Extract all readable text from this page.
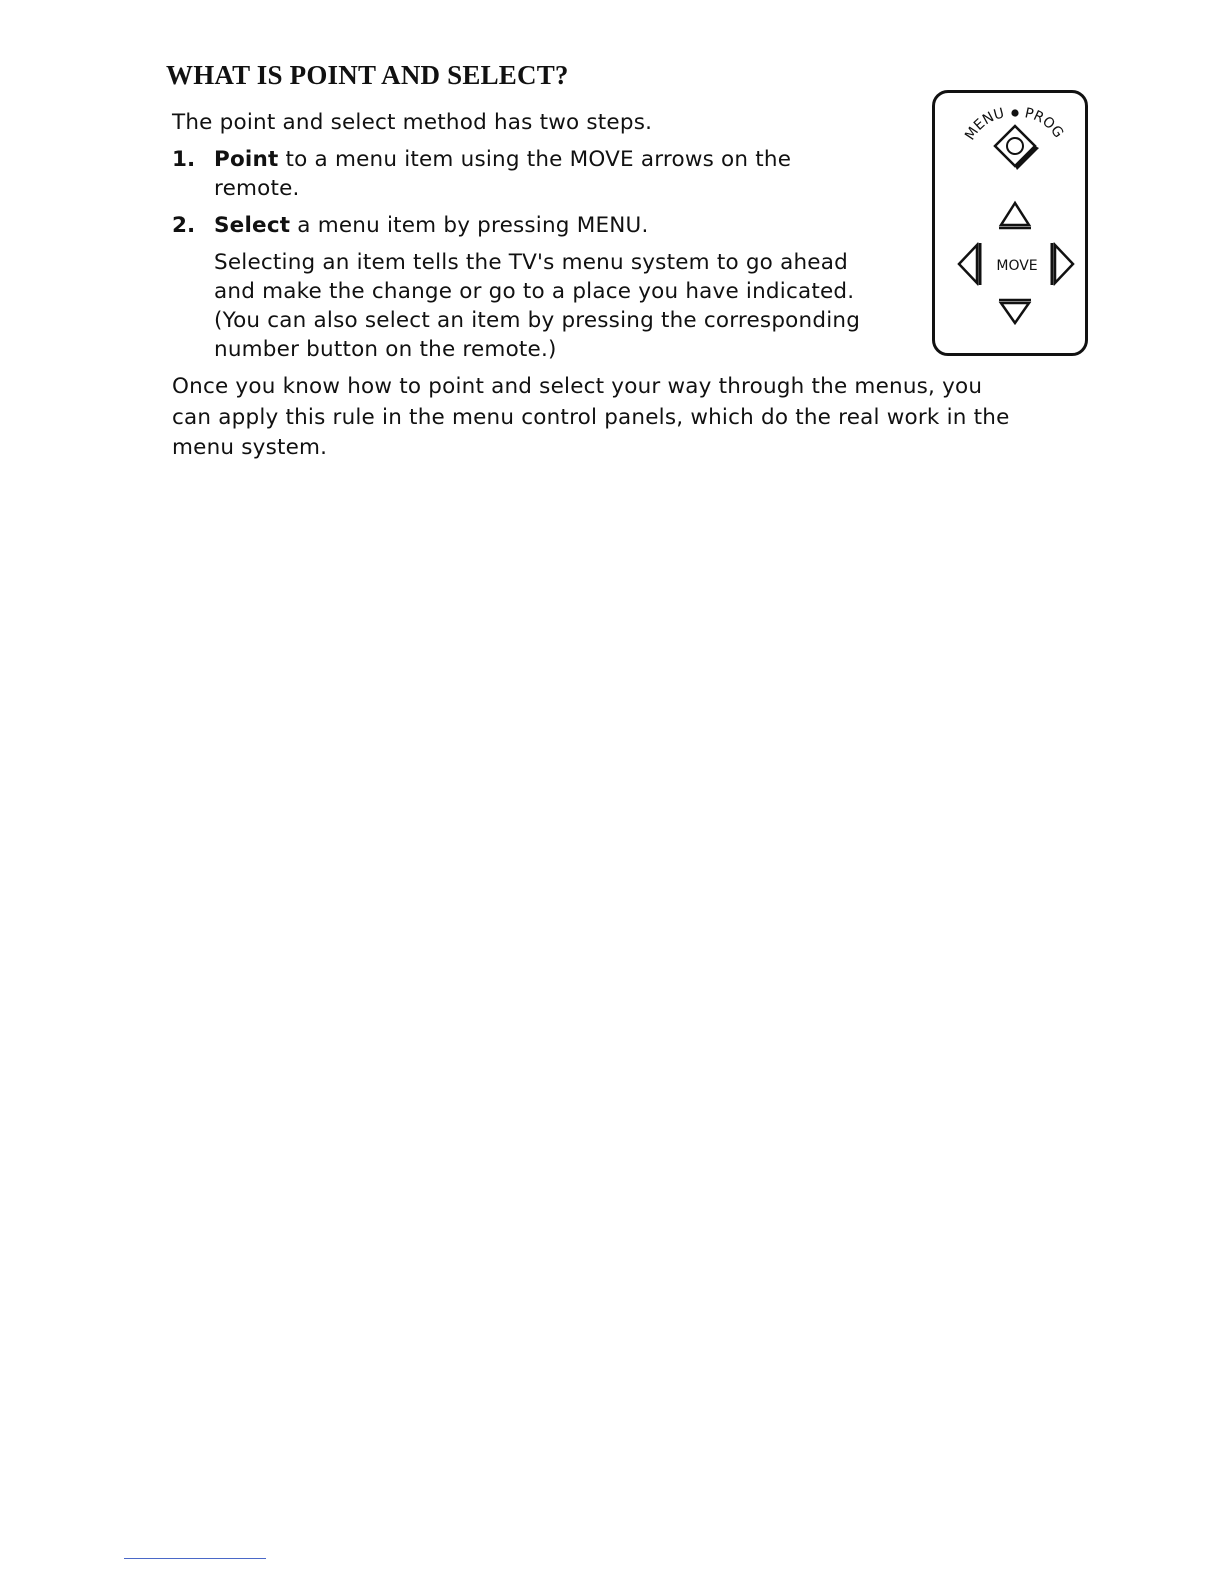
WHAT IS POINT AND SELECT?

The point and select method has two steps.

1. Point to a menu item using the MOVE arrows on the

remote.

2. Select a menu item by pressing MENU.

Selecting an item tells the TV's menu system to go ahead
and make the change or go to a place you have indicated.
(You can also select an item by pressing the corresponding
number button on the remote.)
Once you know how to point and select your way through the menus, you
can apply this rule in the menu control panels, which do the real work in the
menu system.
MENU PROG
MOVE
